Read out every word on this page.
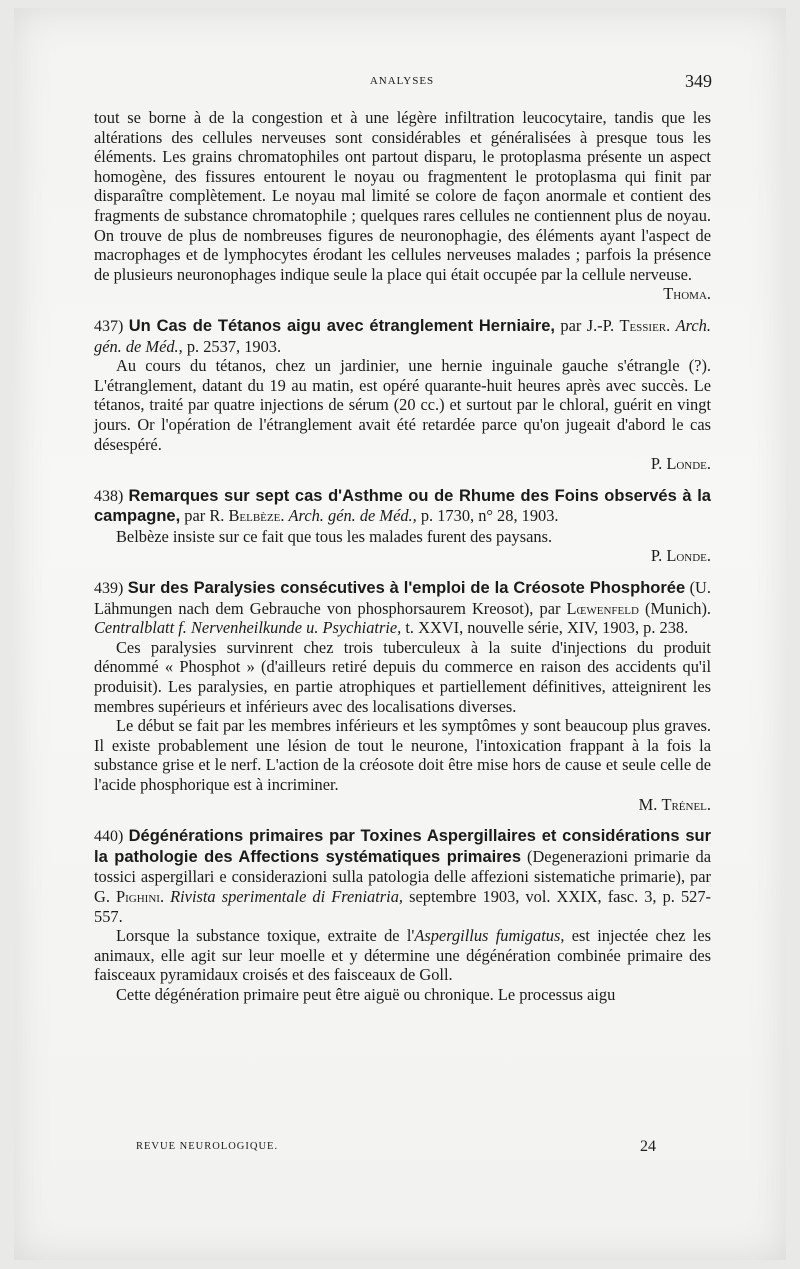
ANALYSES	349

tout se borne à de la congestion et à une légère infiltration leucocytaire, tandis que les altérations des cellules nerveuses sont considérables et généralisées à presque tous les éléments. Les grains chromatophiles ont partout disparu, le protoplasma présente un aspect homogène, des fissures entourent le noyau ou fragmentent le protoplasma qui finit par disparaître complètement. Le noyau mal limité se colore de façon anormale et contient des fragments de substance chromatophile ; quelques rares cellules ne contiennent plus de noyau. On trouve de plus de nombreuses figures de neuronophagie, des éléments ayant l'aspect de macrophages et de lymphocytes érodant les cellules nerveuses malades ; parfois la présence de plusieurs neuronophages indique seule la place qui était occupée par la cellule nerveuse.

Thoma.

437) Un Cas de Tétanos aigu avec étranglement Herniaire, par J.-P. Tessier. Arch. gén. de Méd., p. 2537, 1903.

Au cours du tétanos, chez un jardinier, une hernie inguinale gauche s'étrangle (?). L'étranglement, datant du 19 au matin, est opéré quarante-huit heures après avec succès. Le tétanos, traité par quatre injections de sérum (20 cc.) et surtout par le chloral, guérit en vingt jours. Or l'opération de l'étranglement avait été retardée parce qu'on jugeait d'abord le cas désespéré.

P. Londe.

438) Remarques sur sept cas d'Asthme ou de Rhume des Foins observés à la campagne, par R. Belbèze. Arch. gén. de Méd., p. 1730, n° 28, 1903.

Belbèze insiste sur ce fait que tous les malades furent des paysans.

P. Londe.

439) Sur des Paralysies consécutives à l'emploi de la Créosote Phosphorée (U. Lähmungen nach dem Gebrauche von phosphorsaurem Kreosot), par Lœwenfeld (Munich). Centralblatt f. Nervenheilkunde u. Psychiatrie, t. XXVI, nouvelle série, XIV, 1903, p. 238.

Ces paralysies survinrent chez trois tuberculeux à la suite d'injections du produit dénommé « Phosphot » (d'ailleurs retiré depuis du commerce en raison des accidents qu'il produisit). Les paralysies, en partie atrophiques et partiellement définitives, atteignirent les membres supérieurs et inférieurs avec des localisations diverses.

Le début se fait par les membres inférieurs et les symptômes y sont beaucoup plus graves. Il existe probablement une lésion de tout le neurone, l'intoxication frappant à la fois la substance grise et le nerf. L'action de la créosote doit être mise hors de cause et seule celle de l'acide phosphorique est à incriminer.

M. Trénel.

440) Dégénérations primaires par Toxines Aspergillaires et considérations sur la pathologie des Affections systématiques primaires (Degenerazioni primarie da tossici aspergillari e considerazioni sulla patologia delle affezioni sistematiche primarie), par G. Pighini. Rivista sperimentale di Freniatria, septembre 1903, vol. XXIX, fasc. 3, p. 527-557.

Lorsque la substance toxique, extraite de l'Aspergillus fumigatus, est injectée chez les animaux, elle agit sur leur moelle et y détermine une dégénération combinée primaire des faisceaux pyramidaux croisés et des faisceaux de Goll.

Cette dégénération primaire peut être aiguë ou chronique. Le processus aigu

REVUE NEUROLOGIQUE.	24
